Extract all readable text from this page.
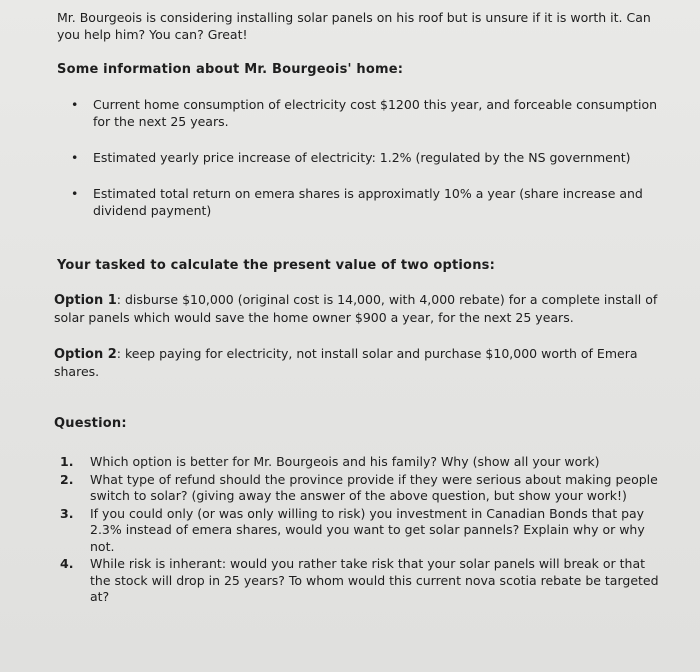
Mr. Bourgeois is considering installing solar panels on his roof but is unsure if it is worth it. Can you help him? You can? Great!
Some information about Mr. Bourgeois' home:
• Current home consumption of electricity cost $1200 this year, and forceable consumption for the next 25 years.
• Estimated yearly price increase of electricity: 1.2% (regulated by the NS government)
• Estimated total return on emera shares is approximatly 10% a year (share increase and dividend payment)
Your tasked to calculate the present value of two options:
Option 1: disburse $10,000 (original cost is 14,000, with 4,000 rebate) for a complete install of solar panels which would save the home owner $900 a year, for the next 25 years.
Option 2: keep paying for electricity, not install solar and purchase $10,000 worth of Emera shares.
Question:
1. Which option is better for Mr. Bourgeois and his family? Why (show all your work)
2. What type of refund should the province provide if they were serious about making people switch to solar? (giving away the answer of the above question, but show your work!)
3. If you could only (or was only willing to risk) you investment in Canadian Bonds that pay 2.3% instead of emera shares, would you want to get solar pannels? Explain why or why not.
4. While risk is inherant: would you rather take risk that your solar panels will break or that the stock will drop in 25 years? To whom would this current nova scotia rebate be targeted at?
